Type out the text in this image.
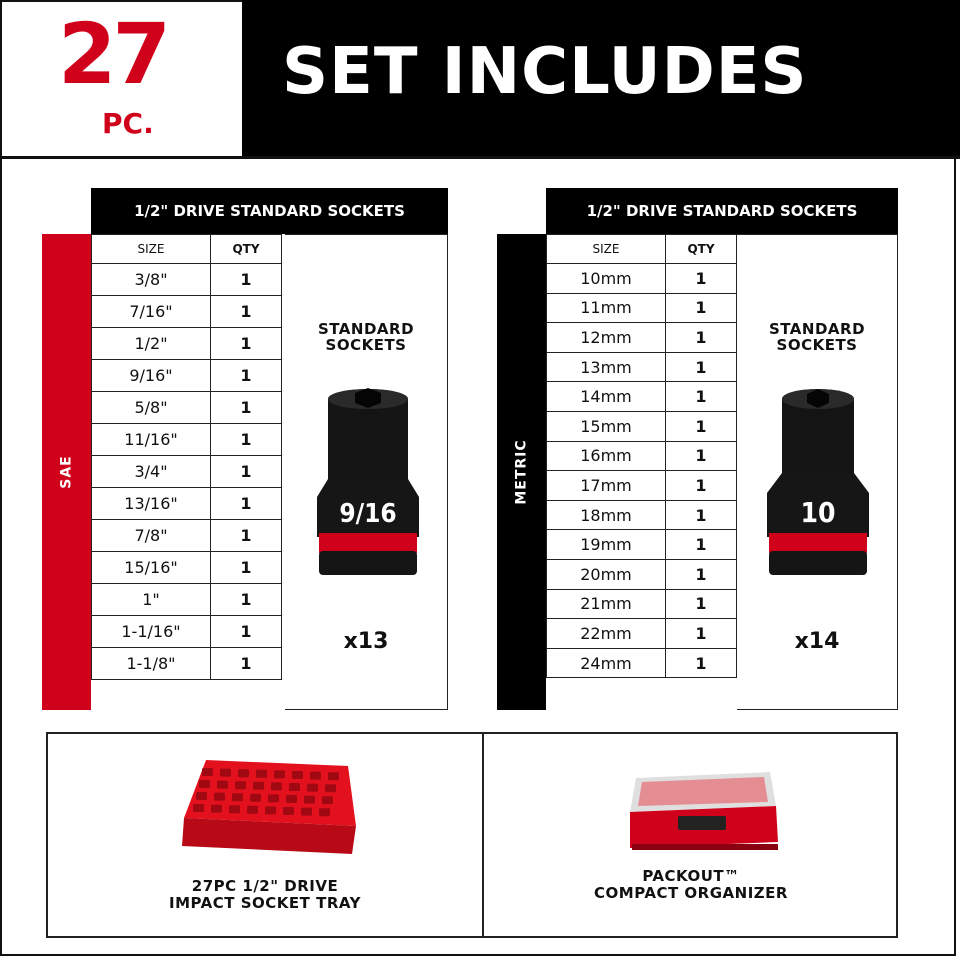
27
PC.
SET INCLUDES
1/2" DRIVE STANDARD SOCKETS
SAE
SIZE	QTY
3/8"	1
7/16"	1
1/2"	1
9/16"	1
5/8"	1
11/16"	1
3/4"	1
13/16"	1
7/8"	1
15/16"	1
1"	1
1-1/16"	1
1-1/8"	1
STANDARD
SOCKETS
9/16
x13
1/2" DRIVE STANDARD SOCKETS
METRIC
SIZE	QTY
10mm	1
11mm	1
12mm	1
13mm	1
14mm	1
15mm	1
16mm	1
17mm	1
18mm	1
19mm	1
20mm	1
21mm	1
22mm	1
24mm	1
STANDARD
SOCKETS
10
x14
27PC 1/2" DRIVE
IMPACT SOCKET TRAY
PACKOUT™
COMPACT ORGANIZER
